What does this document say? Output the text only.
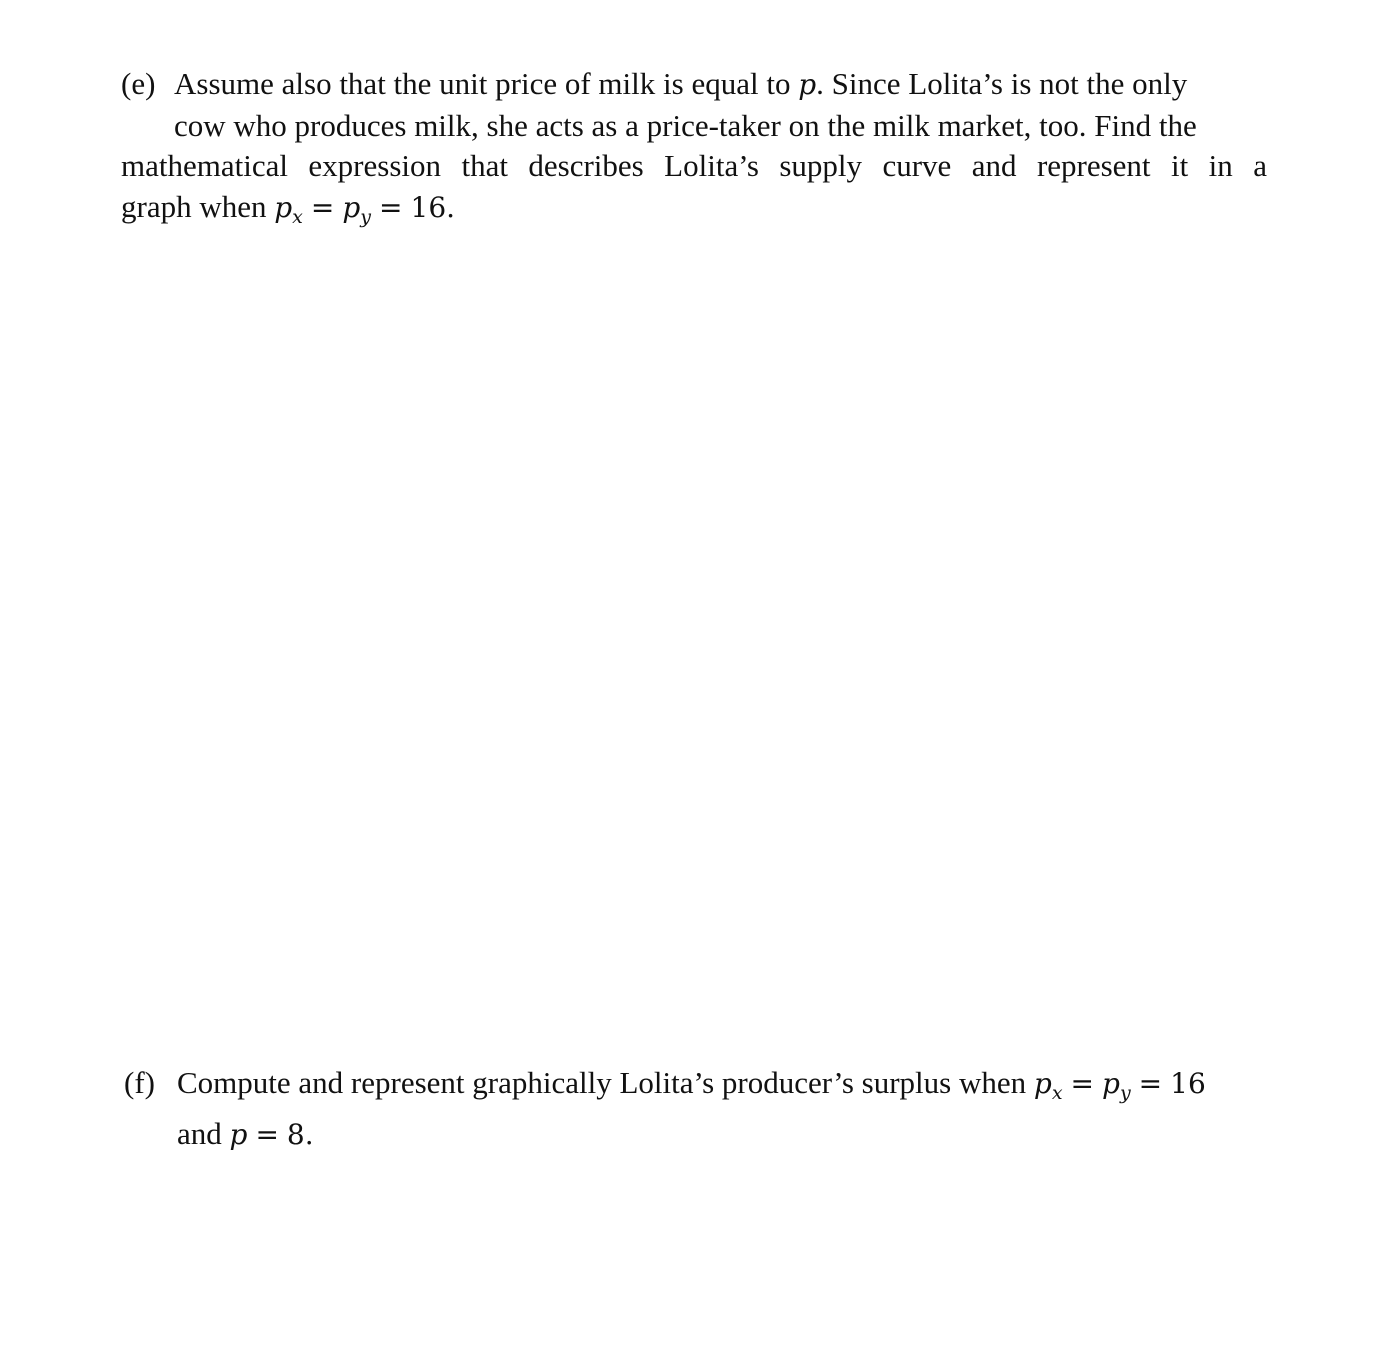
(e) Assume also that the unit price of milk is equal to p. Since Lolita’s is not the only
cow who produces milk, she acts as a price-taker on the milk market, too. Find the
mathematical expression that describes Lolita’s supply curve and represent it in a
graph when $p_x = p_y = 16$.
(f) Compute and represent graphically Lolita’s producer’s surplus when $p_x = p_y = 16$
and p = 8.
